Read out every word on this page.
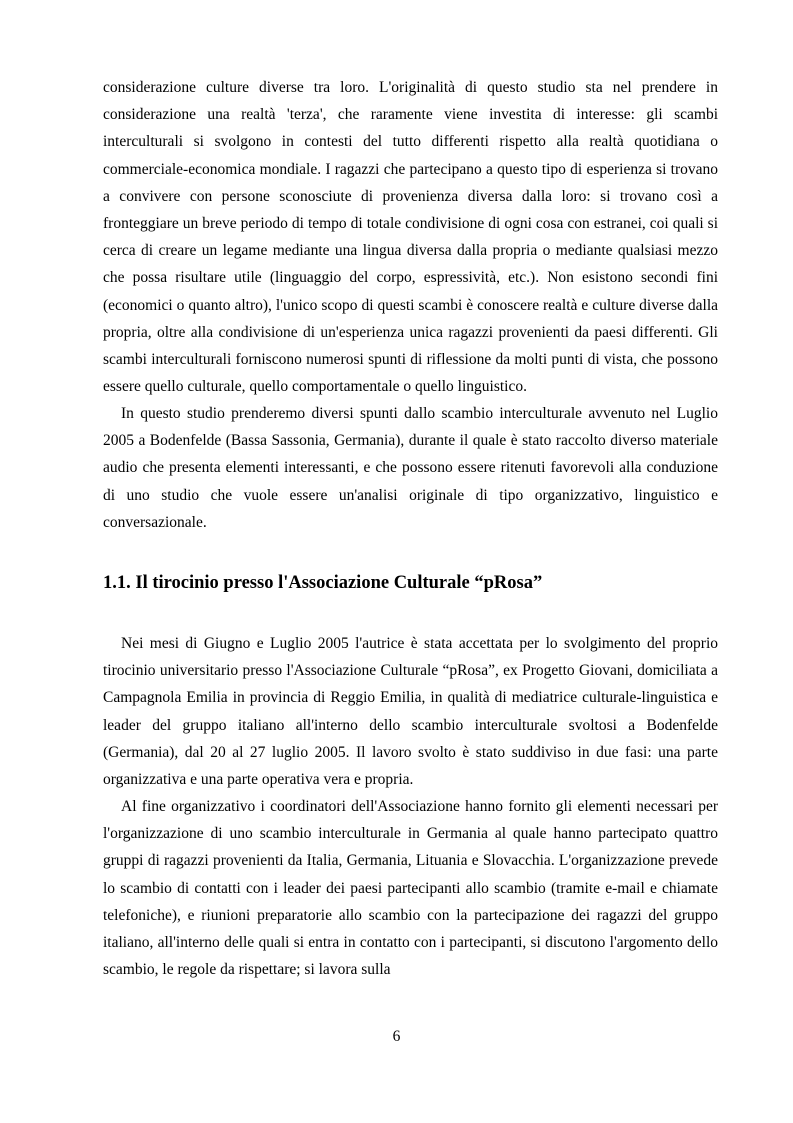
considerazione culture diverse tra loro. L'originalità di questo studio sta nel prendere in considerazione una realtà 'terza', che raramente viene investita di interesse: gli scambi interculturali si svolgono in contesti del tutto differenti rispetto alla realtà quotidiana o commerciale-economica mondiale. I ragazzi che partecipano a questo tipo di esperienza si trovano a convivere con persone sconosciute di provenienza diversa dalla loro: si trovano così a fronteggiare un breve periodo di tempo di totale condivisione di ogni cosa con estranei, coi quali si cerca di creare un legame mediante una lingua diversa dalla propria o mediante qualsiasi mezzo che possa risultare utile (linguaggio del corpo, espressività, etc.). Non esistono secondi fini (economici o quanto altro), l'unico scopo di questi scambi è conoscere realtà e culture diverse dalla propria, oltre alla condivisione di un'esperienza unica ragazzi provenienti da paesi differenti. Gli scambi interculturali forniscono numerosi spunti di riflessione da molti punti di vista, che possono essere quello culturale, quello comportamentale o quello linguistico.

In questo studio prenderemo diversi spunti dallo scambio interculturale avvenuto nel Luglio 2005 a Bodenfelde (Bassa Sassonia, Germania), durante il quale è stato raccolto diverso materiale audio che presenta elementi interessanti, e che possono essere ritenuti favorevoli alla conduzione di uno studio che vuole essere un'analisi originale di tipo organizzativo, linguistico e conversazionale.

1.1. Il tirocinio presso l'Associazione Culturale “pRosa”

Nei mesi di Giugno e Luglio 2005 l'autrice è stata accettata per lo svolgimento del proprio tirocinio universitario presso l'Associazione Culturale “pRosa”, ex Progetto Giovani, domiciliata a Campagnola Emilia in provincia di Reggio Emilia, in qualità di mediatrice culturale-linguistica e leader del gruppo italiano all'interno dello scambio interculturale svoltosi a Bodenfelde (Germania), dal 20 al 27 luglio 2005. Il lavoro svolto è stato suddiviso in due fasi: una parte organizzativa e una parte operativa vera e propria.

Al fine organizzativo i coordinatori dell'Associazione hanno fornito gli elementi necessari per l'organizzazione di uno scambio interculturale in Germania al quale hanno partecipato quattro gruppi di ragazzi provenienti da Italia, Germania, Lituania e Slovacchia. L'organizzazione prevede lo scambio di contatti con i leader dei paesi partecipanti allo scambio (tramite e-mail e chiamate telefoniche), e riunioni preparatorie allo scambio con la partecipazione dei ragazzi del gruppo italiano, all'interno delle quali si entra in contatto con i partecipanti, si discutono l'argomento dello scambio, le regole da rispettare; si lavora sulla

6
